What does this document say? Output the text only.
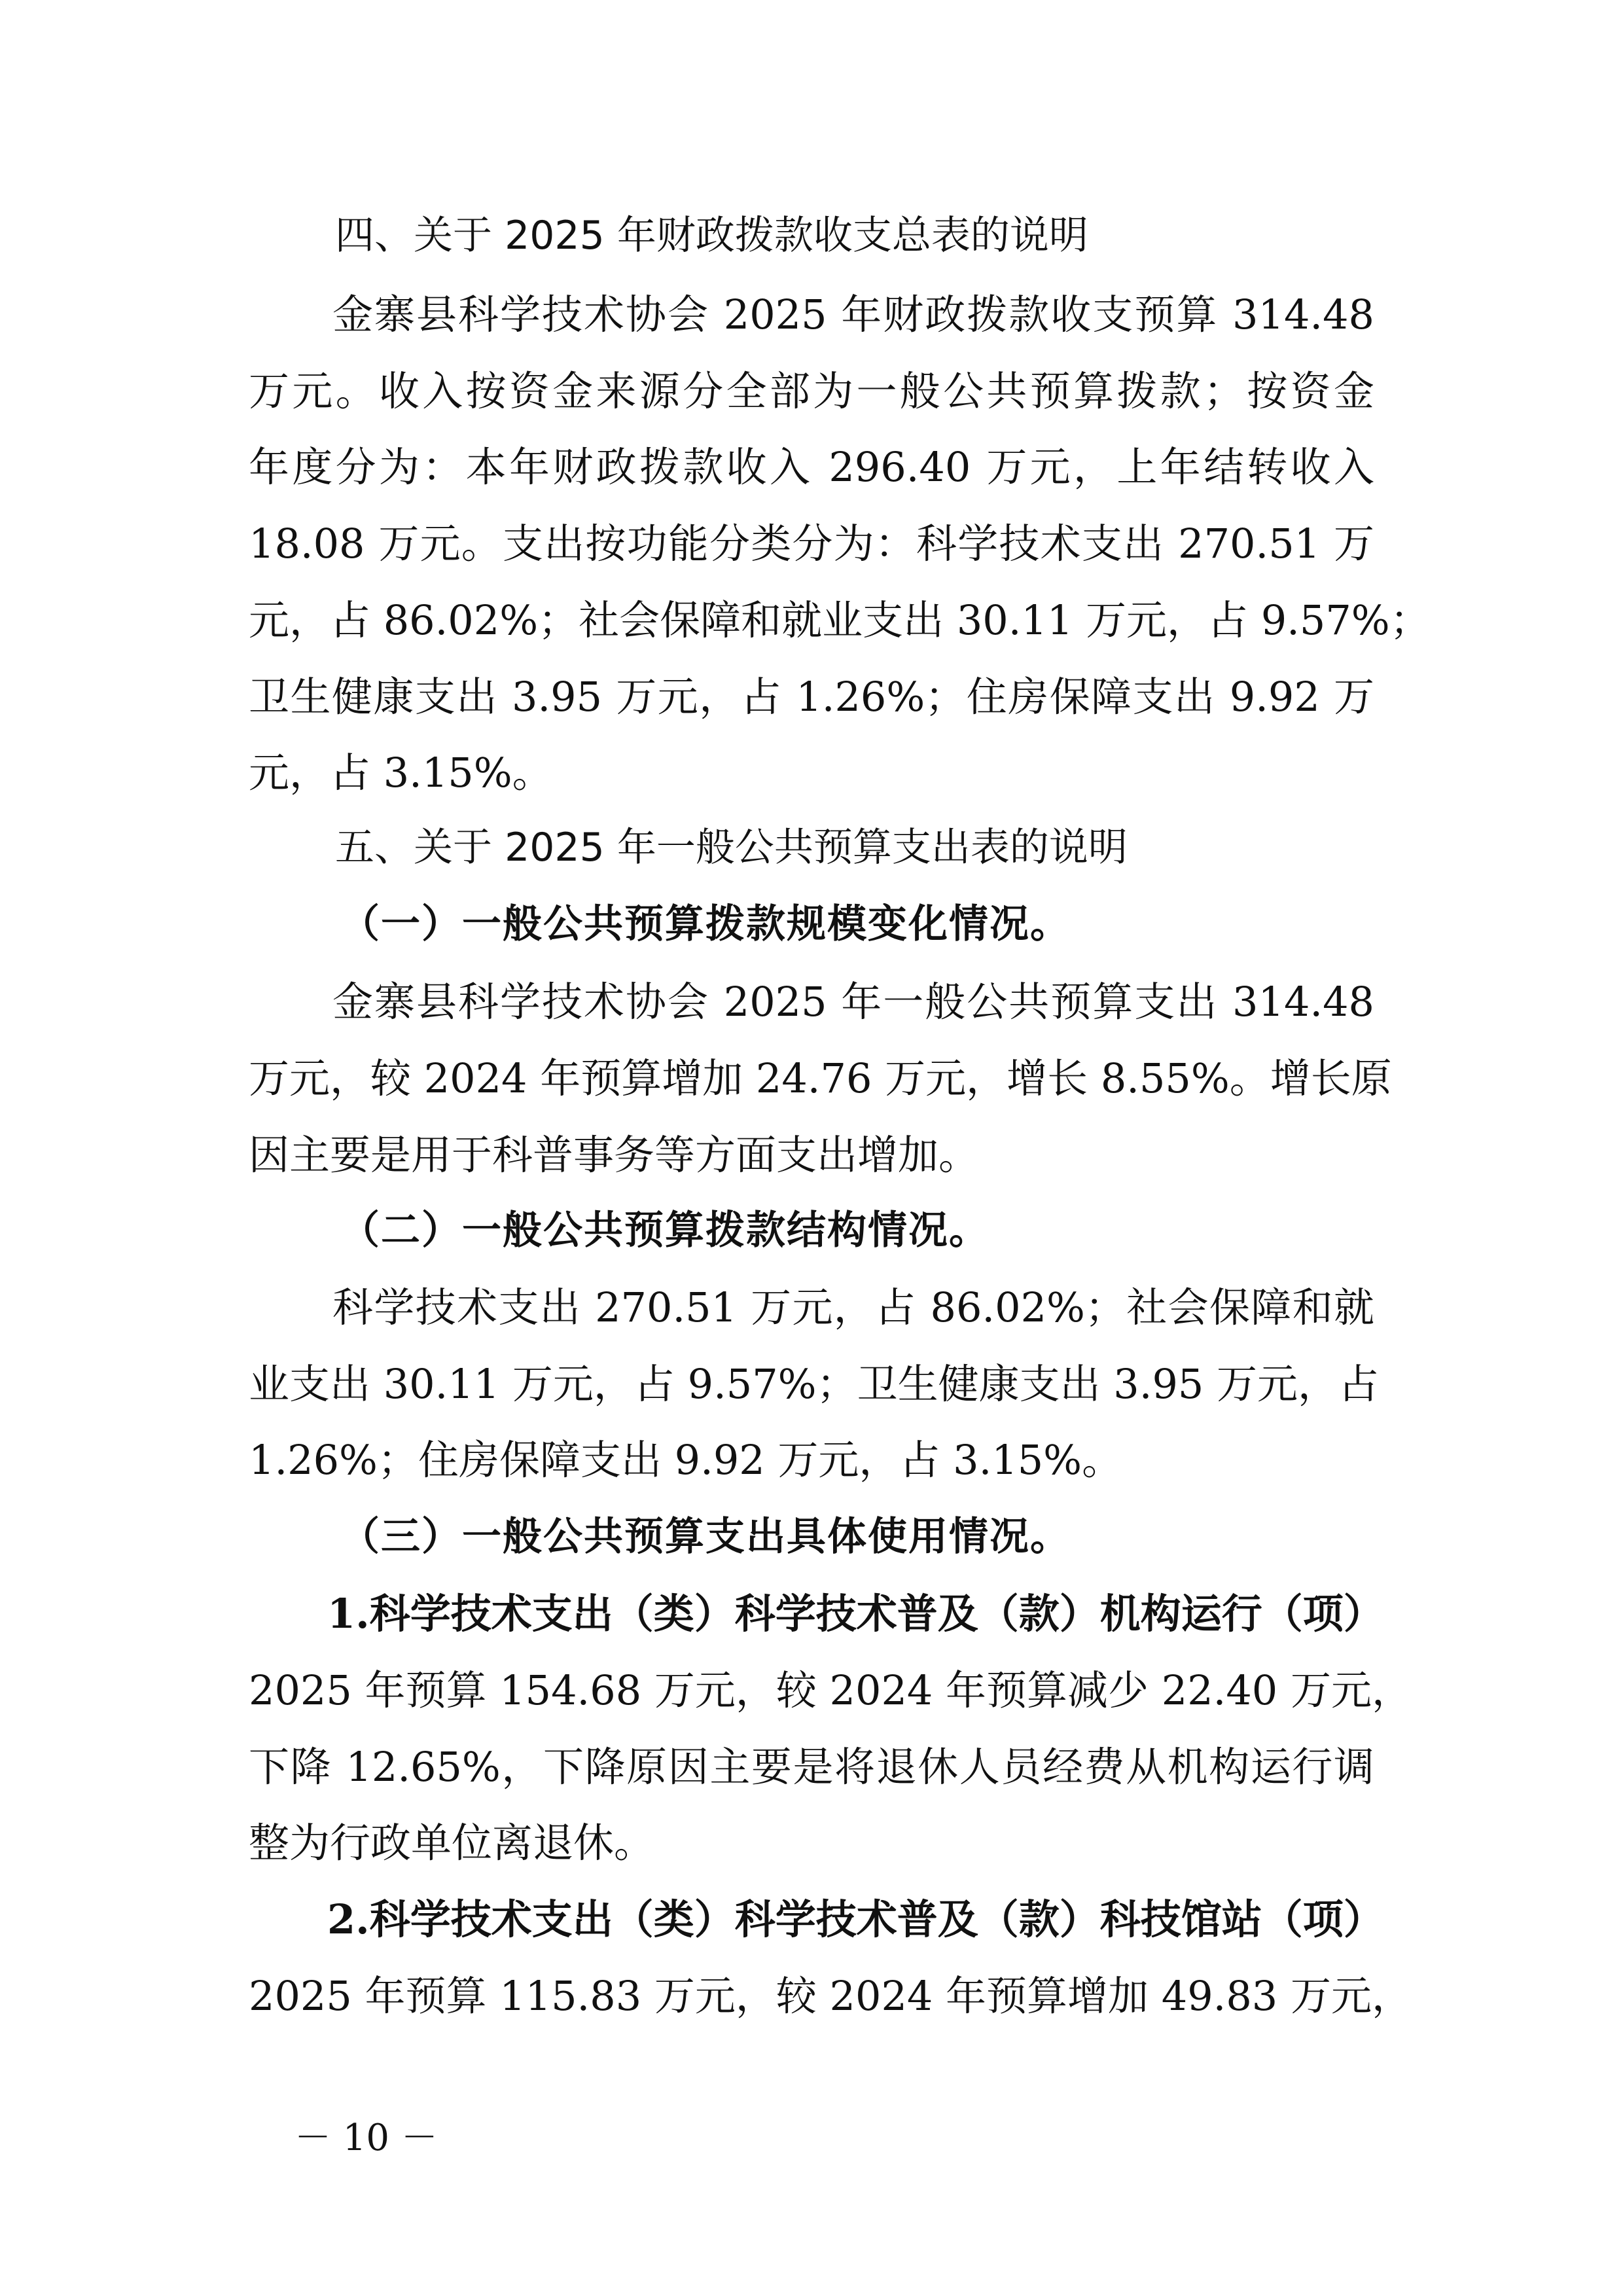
四、关于 2025 年财政拨款收支总表的说明
金寨县科学技术协会 2025 年财政拨款收支预算 314.48
万元。收入按资金来源分全部为一般公共预算拨款；按资金
年度分为：本年财政拨款收入 296.40 万元，上年结转收入
18.08 万元。支出按功能分类分为：科学技术支出 270.51 万
元，占 86.02%；社会保障和就业支出 30.11 万元，占 9.57%；
卫生健康支出 3.95 万元，占 1.26%；住房保障支出 9.92 万
元，占 3.15%。
五、关于 2025 年一般公共预算支出表的说明
（一）一般公共预算拨款规模变化情况。
金寨县科学技术协会 2025 年一般公共预算支出 314.48
万元，较 2024 年预算增加 24.76 万元，增长 8.55%。增长原
因主要是用于科普事务等方面支出增加。
（二）一般公共预算拨款结构情况。
科学技术支出 270.51 万元，占 86.02%；社会保障和就
业支出 30.11 万元，占 9.57%；卫生健康支出 3.95 万元，占
1.26%；住房保障支出 9.92 万元，占 3.15%。
（三）一般公共预算支出具体使用情况。
1.科学技术支出（类）科学技术普及（款）机构运行（项）
2025 年预算 154.68 万元，较 2024 年预算减少 22.40 万元，
下降 12.65%，下降原因主要是将退休人员经费从机构运行调
整为行政单位离退休。
2.科学技术支出（类）科学技术普及（款）科技馆站（项）
2025 年预算 115.83 万元，较 2024 年预算增加 49.83 万元，
－ 10 －
